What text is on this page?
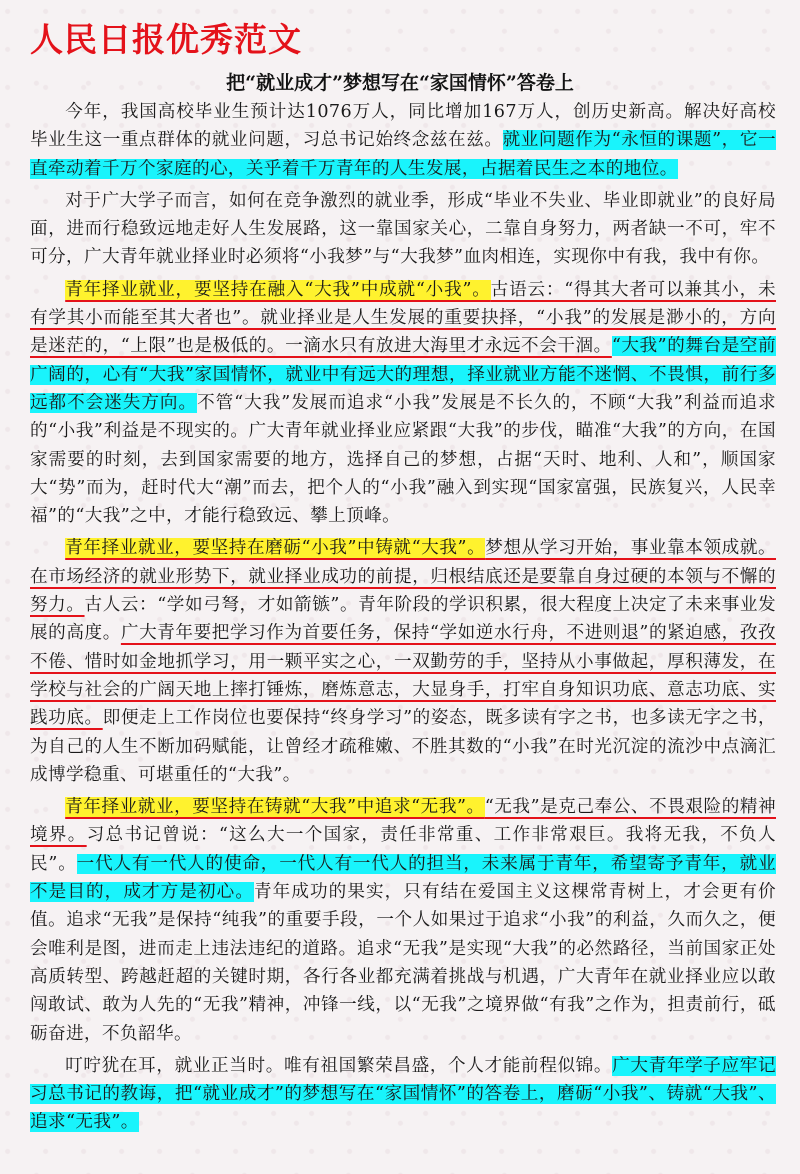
人民日报优秀范文
把“就业成才”梦想写在“家国情怀”答卷上

今年，我国高校毕业生预计达1076万人，同比增加167万人，创历史新高。解决好高校毕业生这一重点群体的就业问题，习总书记始终念兹在兹。就业问题作为“永恒的课题”，它一直牵动着千万个家庭的心，关乎着千万青年的人生发展，占据着民生之本的地位。

对于广大学子而言，如何在竞争激烈的就业季，形成“毕业不失业、毕业即就业”的良好局面，进而行稳致远地走好人生发展路，这一靠国家关心，二靠自身努力，两者缺一不可，牢不可分，广大青年就业择业时必须将“小我梦”与“大我梦”血肉相连，实现你中有我，我中有你。

青年择业就业，要坚持在融入“大我”中成就“小我”。古语云：“得其大者可以兼其小，未有学其小而能至其大者也”。就业择业是人生发展的重要抉择，“小我”的发展是渺小的，方向是迷茫的，“上限”也是极低的。一滴水只有放进大海里才永远不会干涸。“大我”的舞台是空前广阔的，心有“大我”家国情怀，就业中有远大的理想，择业就业方能不迷惘、不畏惧，前行多远都不会迷失方向。不管“大我”发展而追求“小我”发展是不长久的，不顾“大我”利益而追求的“小我”利益是不现实的。广大青年就业择业应紧跟“大我”的步伐，瞄准“大我”的方向，在国家需要的时刻，去到国家需要的地方，选择自己的梦想，占据“天时、地利、人和”，顺国家大“势”而为，赶时代大“潮”而去，把个人的“小我”融入到实现“国家富强，民族复兴，人民幸福”的“大我”之中，才能行稳致远、攀上顶峰。

青年择业就业，要坚持在磨砺“小我”中铸就“大我”。梦想从学习开始，事业靠本领成就。在市场经济的就业形势下，就业择业成功的前提，归根结底还是要靠自身过硬的本领与不懈的努力。古人云：“学如弓弩，才如箭镞”。青年阶段的学识积累，很大程度上决定了未来事业发展的高度。广大青年要把学习作为首要任务，保持“学如逆水行舟，不进则退”的紧迫感，孜孜不倦、惜时如金地抓学习，用一颗平实之心，一双勤劳的手，坚持从小事做起，厚积薄发，在学校与社会的广阔天地上摔打锤炼，磨炼意志，大显身手，打牢自身知识功底、意志功底、实践功底。即便走上工作岗位也要保持“终身学习”的姿态，既多读有字之书，也多读无字之书，为自己的人生不断加码赋能，让曾经才疏稚嫩、不胜其数的“小我”在时光沉淀的流沙中点滴汇成博学稳重、可堪重任的“大我”。

青年择业就业，要坚持在铸就“大我”中追求“无我”。“无我”是克己奉公、不畏艰险的精神境界。习总书记曾说：“这么大一个国家，责任非常重、工作非常艰巨。我将无我，不负人民”。一代人有一代人的使命，一代人有一代人的担当，未来属于青年，希望寄予青年，就业不是目的，成才方是初心。青年成功的果实，只有结在爱国主义这棵常青树上，才会更有价值。追求“无我”是保持“纯我”的重要手段，一个人如果过于追求“小我”的利益，久而久之，便会唯利是图，进而走上违法违纪的道路。追求“无我”是实现“大我”的必然路径，当前国家正处高质转型、跨越赶超的关键时期，各行各业都充满着挑战与机遇，广大青年在就业择业应以敢闯敢试、敢为人先的“无我”精神，冲锋一线，以“无我”之境界做“有我”之作为，担责前行，砥砺奋进，不负韶华。

叮咛犹在耳，就业正当时。唯有祖国繁荣昌盛，个人才能前程似锦。广大青年学子应牢记习总书记的教诲，把“就业成才”的梦想写在“家国情怀”的答卷上，磨砺“小我”、铸就“大我”、追求“无我”。
